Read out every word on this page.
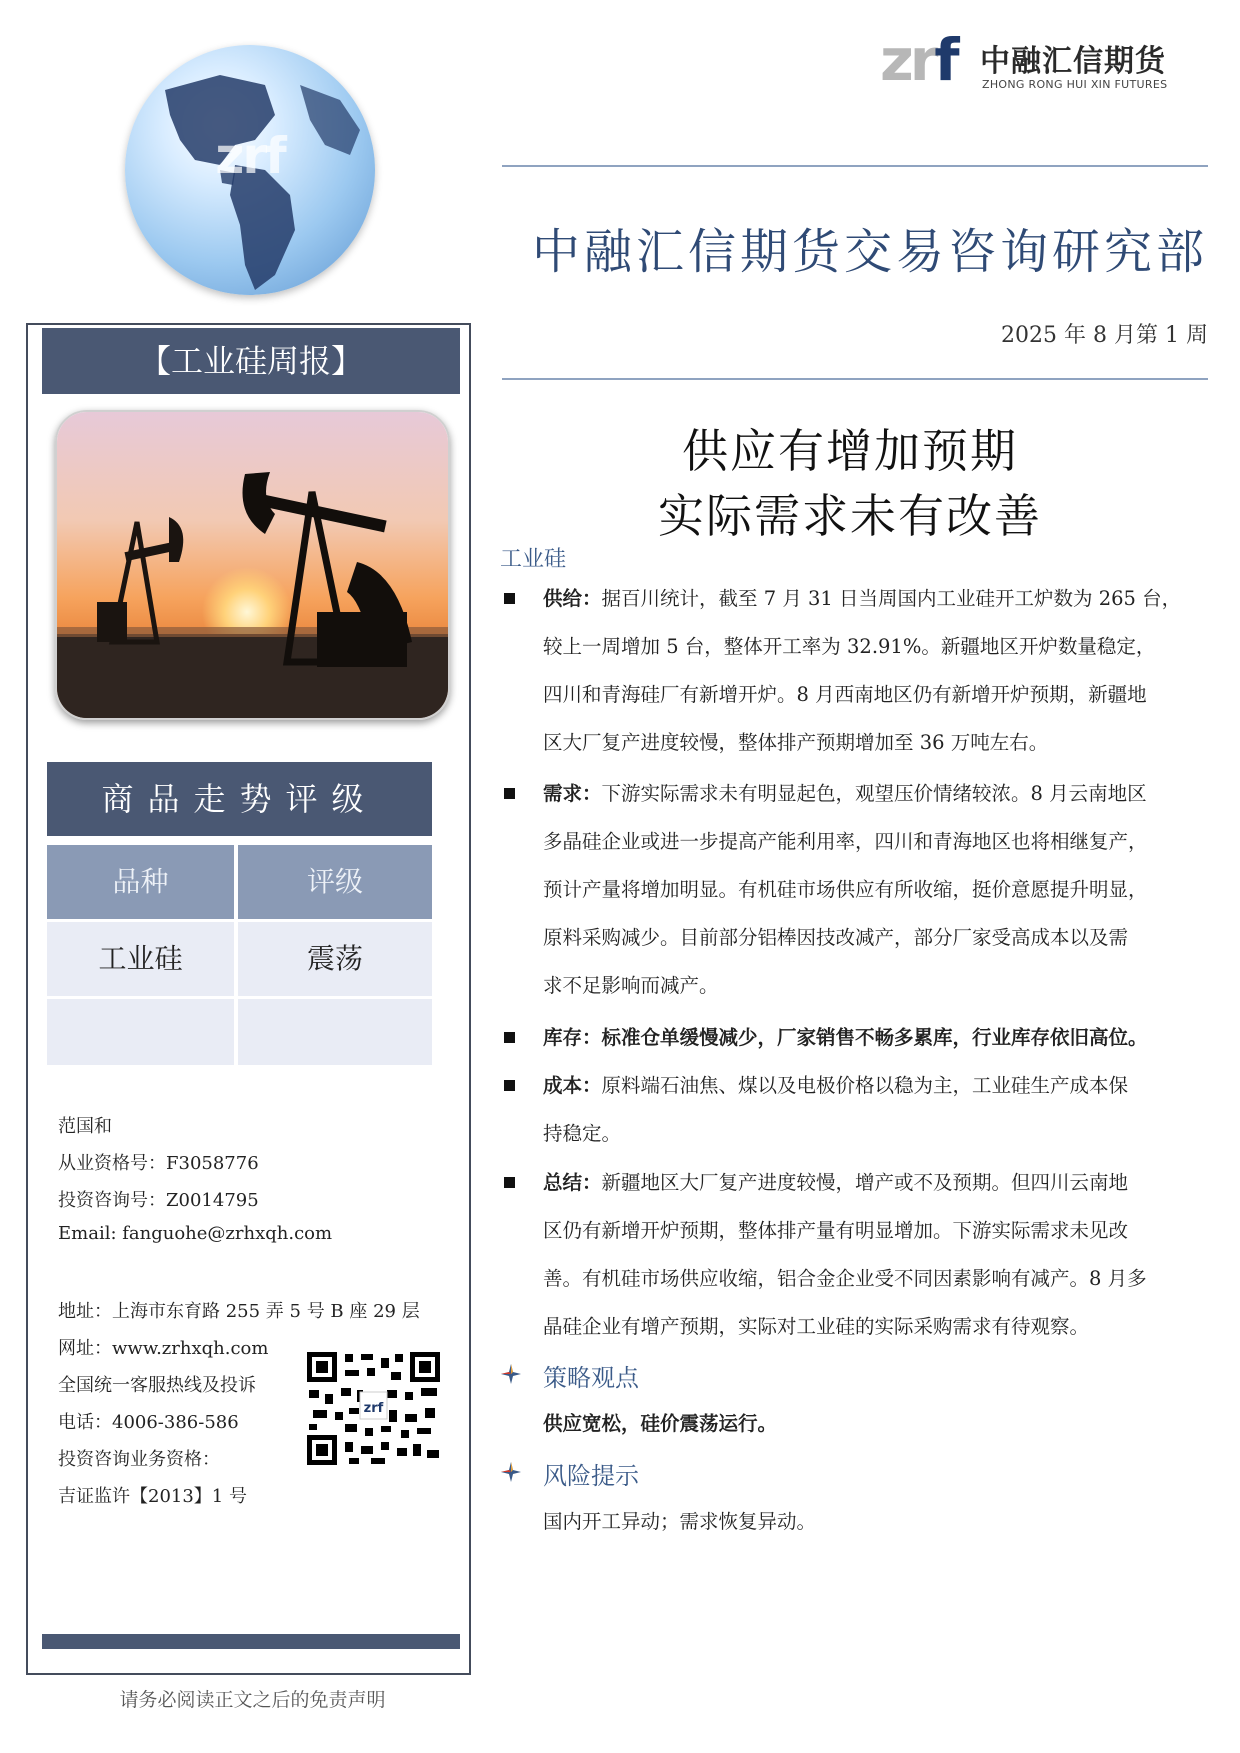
zrf
zrf 中融汇信期货
ZHONG RONG HUI XIN FUTURES
中融汇信期货交易咨询研究部
2025 年 8 月第 1 周
【工业硅周报】
商品走势评级
品种	评级
工业硅	震荡
范国和
从业资格号：F3058776
投资咨询号：Z0014795
Email: fanguohe@zrhxqh.com
地址：上海市东育路 255 弄 5 号 B 座 29 层
网址：www.zrhxqh.com
全国统一客服热线及投诉
电话：4006-386-586
投资咨询业务资格：
吉证监许【2013】1 号
zrf
请务必阅读正文之后的免责声明
供应有增加预期
实际需求未有改善
工业硅
供给：据百川统计，截至 7 月 31 日当周国内工业硅开工炉数为 265 台，
较上一周增加 5 台，整体开工率为 32.91%。新疆地区开炉数量稳定，
四川和青海硅厂有新增开炉。8 月西南地区仍有新增开炉预期，新疆地
区大厂复产进度较慢，整体排产预期增加至 36 万吨左右。
需求：下游实际需求未有明显起色，观望压价情绪较浓。8 月云南地区
多晶硅企业或进一步提高产能利用率，四川和青海地区也将相继复产，
预计产量将增加明显。有机硅市场供应有所收缩，挺价意愿提升明显，
原料采购减少。目前部分铝棒因技改减产，部分厂家受高成本以及需
求不足影响而减产。
库存：标准仓单缓慢减少，厂家销售不畅多累库，行业库存依旧高位。
成本：原料端石油焦、煤以及电极价格以稳为主，工业硅生产成本保
持稳定。
总结：新疆地区大厂复产进度较慢，增产或不及预期。但四川云南地
区仍有新增开炉预期，整体排产量有明显增加。下游实际需求未见改
善。有机硅市场供应收缩，铝合金企业受不同因素影响有减产。8 月多
晶硅企业有增产预期，实际对工业硅的实际采购需求有待观察。
策略观点
供应宽松，硅价震荡运行。
风险提示
国内开工异动；需求恢复异动。
